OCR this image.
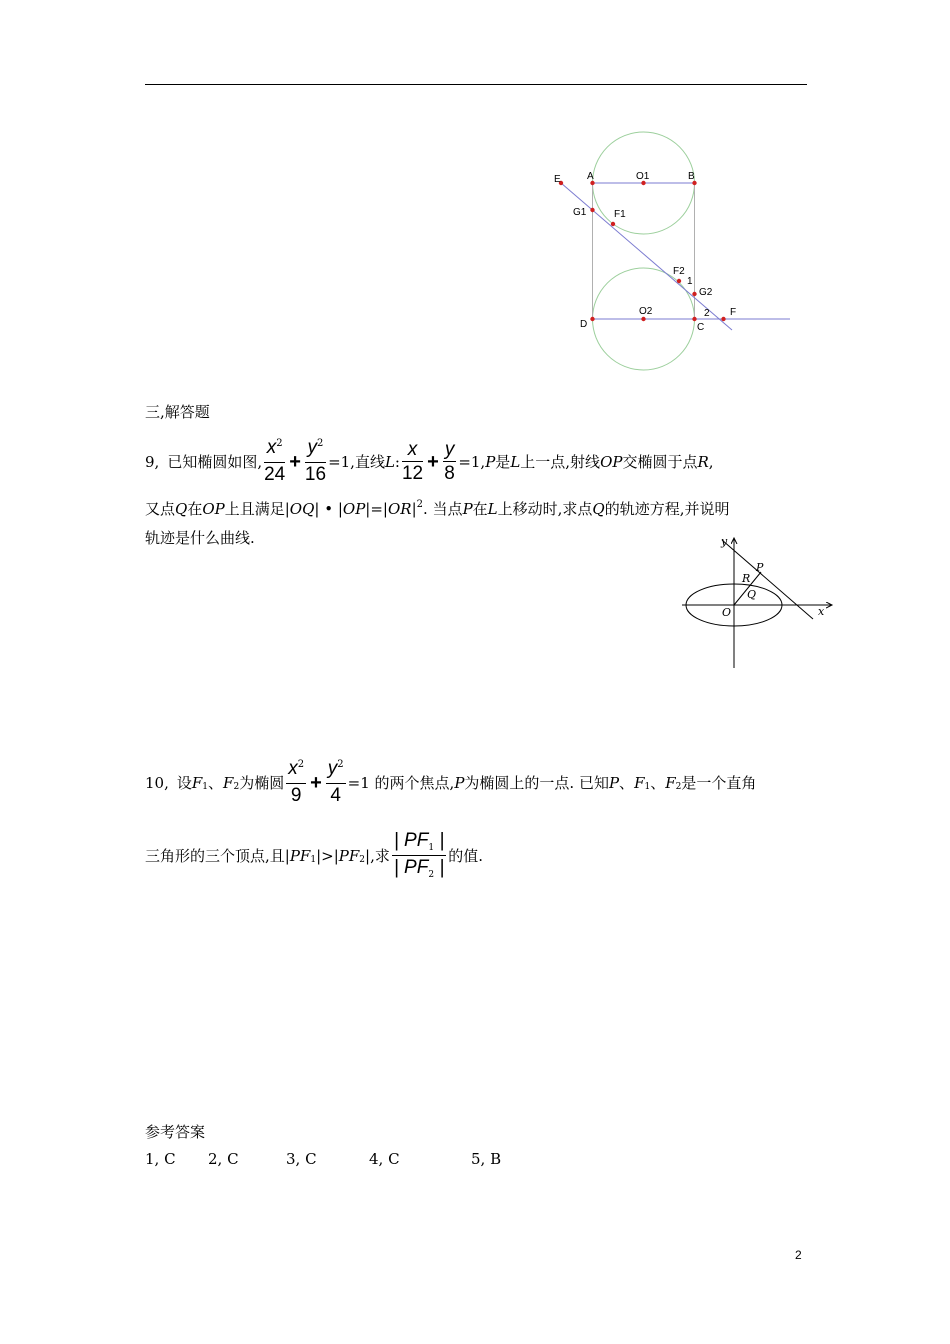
E	A	O1	B
G1	F1
F2
1
G2
2 F
D
O2
C
三,解答题
9, 已知椭圆如图, $\frac{x^2}{24} + \frac{y^2}{16} =1$,直线 L : $\frac{x}{12} + \frac{y}{8} =1$, P 是 L 上一点,射线 OP 交椭圆于点 R ,
又点Q在OP上且满足|OQ| • $|OP|=|OR|^2$. 当点P在L上移动时,求点Q的轨迹方程,并说明
轨迹是什么曲线.	y
x
P
R
Q
O
10, 设 F 1 、 F 2 为椭圆 $\frac{x^2}{9} + \frac{y^2}{4} =1$ 的两个焦点, P 为椭圆上的一点. 已知 P 、 F 1 、 F 2 是一个直角
三角形的三个顶点,且| PF 1 |>| PF 2 |,求 $\frac{| PF_1 |}{| PF_2 |}$ 的值.
参考答案
1, C 2, C	3, C	4, C	5, B
2
